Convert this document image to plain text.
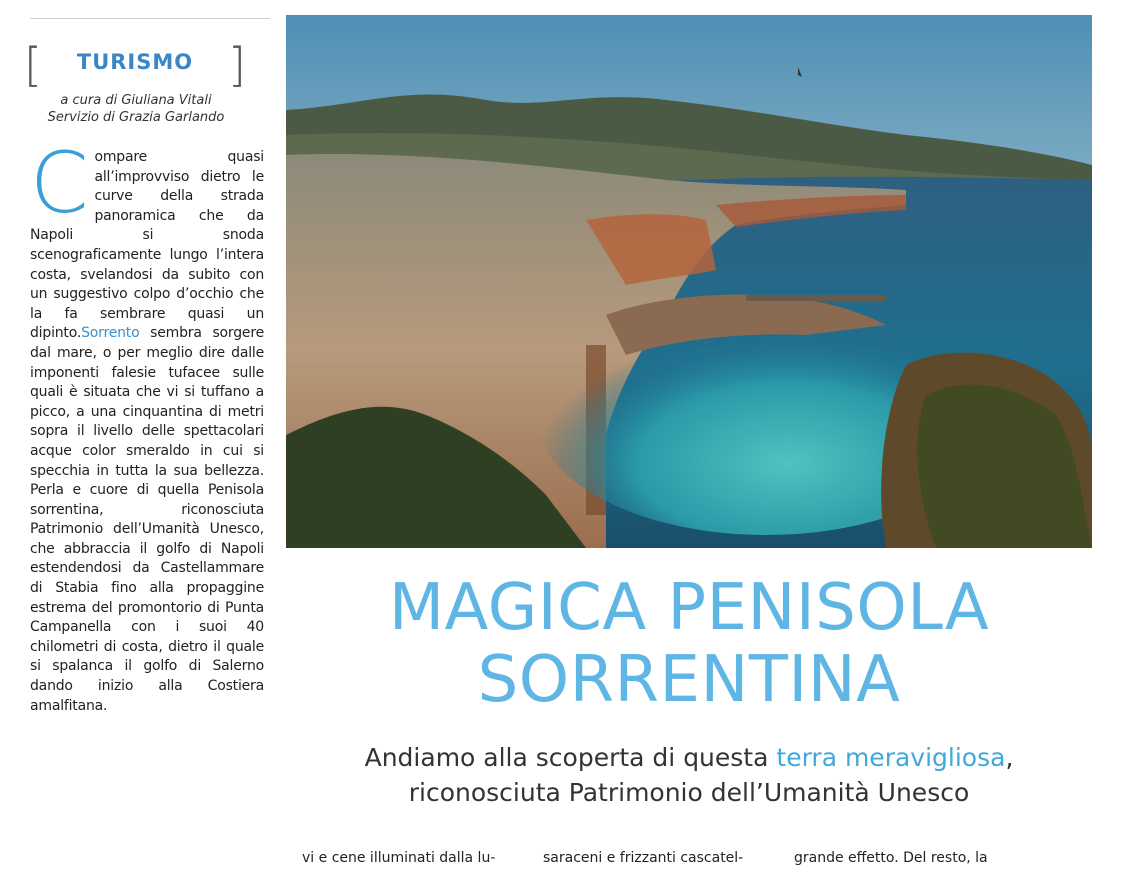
[	TURISMO ]
a cura di Giuliana Vitali
Servizio di Grazia Garlando
Compare quasi all’improvviso dietro le curve della strada panoramica che da Napoli si snoda scenograficamente lungo l’intera costa, svelandosi da subito con un suggestivo colpo d’occhio che la fa sembrare quasi un dipinto.Sorrento sembra sorgere dal mare, o per meglio dire dalle imponenti falesie tufacee sulle quali è situata che vi si tuffano a picco, a una cinquantina di metri sopra il livello delle spettacolari acque color smeraldo in cui si specchia in tutta la sua bellezza. Perla e cuore di quella Penisola sorrentina, riconosciuta Patrimonio dell’Umanità Unesco, che abbraccia il golfo di Napoli estendendosi da Castellammare di Stabia fino alla propaggine estrema del promontorio di Punta Campanella con i suoi 40 chilometri di costa, dietro il quale si spalanca il golfo di Salerno dando inizio alla Costiera amalfitana.
MAGICA PENISOLA
SORRENTINA
Andiamo alla scoperta di questa terra meravigliosa,
riconosciuta Patrimonio dell’Umanità Unesco
vi e cene illuminati dalla lu-	saraceni e frizzanti cascatel-	grande effetto. Del resto, la
